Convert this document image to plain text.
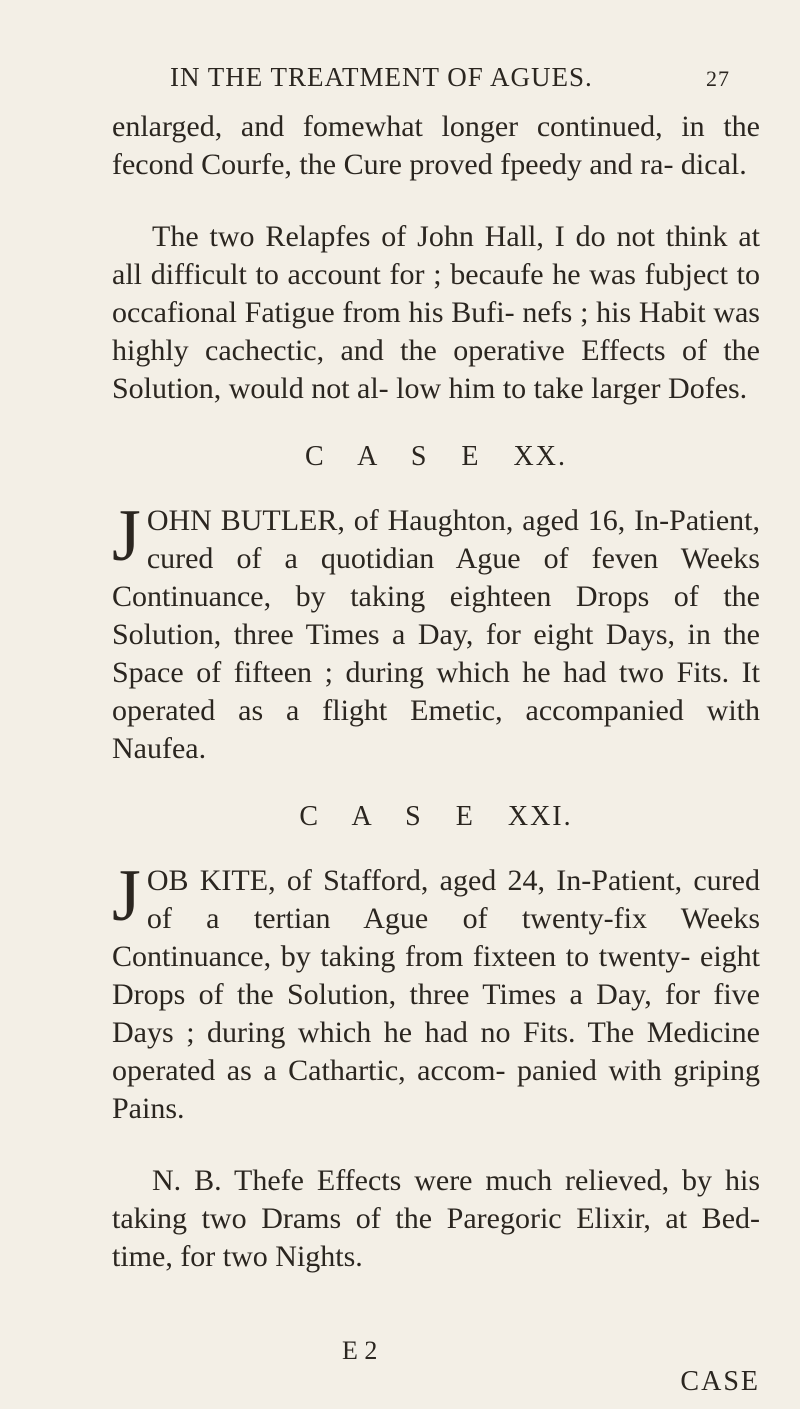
IN THE TREATMENT OF AGUES.	27

enlarged, and fomewhat longer continued, in the fecond Courfe, the Cure proved fpeedy and ra- dical.

The two Relapfes of John Hall, I do not think at all difficult to account for ; becaufe he was fubject to occafional Fatigue from his Bufi- nefs ; his Habit was highly cachectic, and the operative Effects of the Solution, would not al- low him to take larger Dofes.

C A S E XX.

JOHN BUTLER, of Haughton, aged 16, In-Patient, cured of a quotidian Ague of feven Weeks Continuance, by taking eighteen Drops of the Solution, three Times a Day, for eight Days, in the Space of fifteen ; during which he had two Fits. It operated as a flight Emetic, accompanied with Naufea.

C A S E XXI.

JOB KITE, of Stafford, aged 24, In-Patient, cured of a tertian Ague of twenty-fix Weeks Continuance, by taking from fixteen to twenty- eight Drops of the Solution, three Times a Day, for five Days ; during which he had no Fits. The Medicine operated as a Cathartic, accom- panied with griping Pains.

N. B. Thefe Effects were much relieved, by his taking two Drams of the Paregoric Elixir, at Bed-time, for two Nights.

E 2
CASE
